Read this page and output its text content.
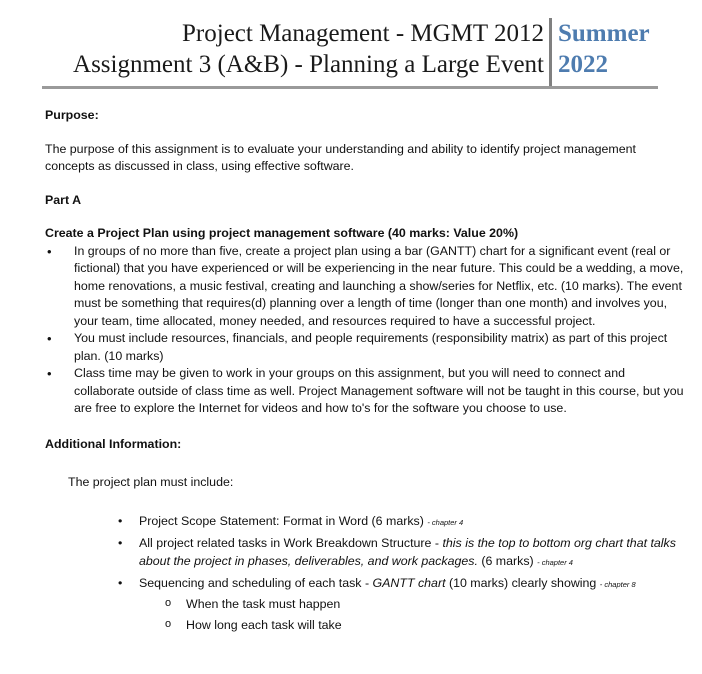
Project Management - MGMT 2012
Assignment 3 (A&B) - Planning a Large Event
Summer
2022

Purpose:

The purpose of this assignment is to evaluate your understanding and ability to identify project management concepts as discussed in class, using effective software.

Part A

Create a Project Plan using project management software (40 marks: Value 20%)

• In groups of no more than five, create a project plan using a bar (GANTT) chart for a significant event (real or fictional) that you have experienced or will be experiencing in the near future. This could be a wedding, a move, home renovations, a music festival, creating and launching a show/series for Netflix, etc. (10 marks). The event must be something that requires(d) planning over a length of time (longer than one month) and involves you, your team, time allocated, money needed, and resources required to have a successful project.
• You must include resources, financials, and people requirements (responsibility matrix) as part of this project plan. (10 marks)
• Class time may be given to work in your groups on this assignment, but you will need to connect and collaborate outside of class time as well. Project Management software will not be taught in this course, but you are free to explore the Internet for videos and how to's for the software you choose to use.

Additional Information:

The project plan must include:

• Project Scope Statement: Format in Word (6 marks) - chapter 4
• All project related tasks in Work Breakdown Structure - this is the top to bottom org chart that talks about the project in phases, deliverables, and work packages. (6 marks) - chapter 4
• Sequencing and scheduling of each task - GANTT chart (10 marks) clearly showing - chapter 8
o When the task must happen
o How long each task will take
